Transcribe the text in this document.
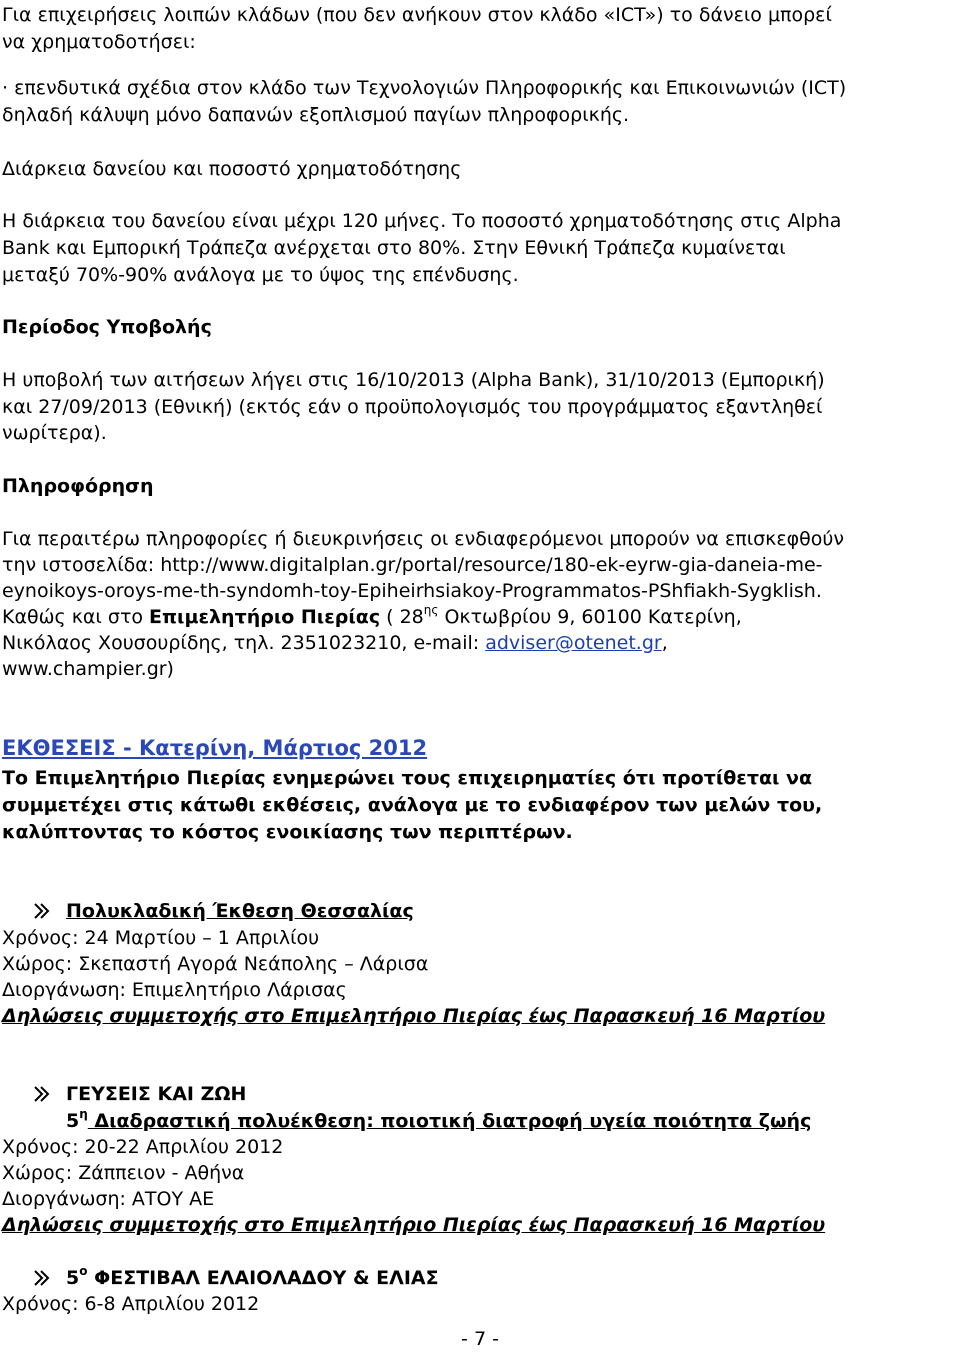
Για επιχειρήσεις λοιπών κλάδων (που δεν ανήκουν στον κλάδο «ICT») το δάνειο μπορεί
να χρηματοδοτήσει:
· επενδυτικά σχέδια στον κλάδο των Τεχνολογιών Πληροφορικής και Επικοινωνιών (ICT)
δηλαδή κάλυψη μόνο δαπανών εξοπλισμού παγίων πληροφορικής.
Διάρκεια δανείου και ποσοστό χρηματοδότησης
Η διάρκεια του δανείου είναι μέχρι 120 μήνες. Το ποσοστό χρηματοδότησης στις Alpha
Bank και Εμπορική Τράπεζα ανέρχεται στο 80%. Στην Εθνική Τράπεζα κυμαίνεται
μεταξύ 70%-90% ανάλογα με το ύψος της επένδυσης.
Περίοδος Υποβολής
Η υποβολή των αιτήσεων λήγει στις 16/10/2013 (Alpha Bank), 31/10/2013 (Εμπορική)
και 27/09/2013 (Εθνική) (εκτός εάν ο προϋπολογισμός του προγράμματος εξαντληθεί
νωρίτερα).
Πληροφόρηση
Για περαιτέρω πληροφορίες ή διευκρινήσεις οι ενδιαφερόμενοι μπορούν να επισκεφθούν
την ιστοσελίδα: http://www.digitalplan.gr/portal/resource/180-ek-eyrw-gia-daneia-me-
eynoikoys-oroys-me-th-syndomh-toy-Epiheirhsiakoy-Programmatos-PShfiakh-Sygklish.
Καθώς και στο Επιμελητήριο Πιερίας ( $28^{\eta\varsigma}$ Οκτωβρίου 9, 60100 Κατερίνη,
Νικόλαος Χουσουρίδης, τηλ. 2351023210, e-mail: adviser@otenet.gr,
www.champier.gr)
ΕΚΘΕΣΕΙΣ - Κατερίνη, Μάρτιος 2012
Το Επιμελητήριο Πιερίας ενημερώνει τους επιχειρηματίες ότι προτίθεται να
συμμετέχει στις κάτωθι εκθέσεις, ανάλογα με το ενδιαφέρον των μελών του,
καλύπτοντας το κόστος ενοικίασης των περιπτέρων.
Πολυκλαδική Έκθεση Θεσσαλίας
Χρόνος: 24 Μαρτίου – 1 Απριλίου
Χώρος: Σκεπαστή Αγορά Νεάπολης – Λάρισα
Διοργάνωση: Επιμελητήριο Λάρισας
Δηλώσεις συμμετοχής στο Επιμελητήριο Πιερίας έως Παρασκευή 16 Μαρτίου
ΓΕΥΣΕΙΣ ΚΑΙ ΖΩΗ
$5^\eta$ Διαδραστική πολυέκθεση: ποιοτική διατροφή υγεία ποιότητα ζωής
Χρόνος: 20-22 Απριλίου 2012
Χώρος: Ζάππειον - Αθήνα
Διοργάνωση: ΑΤΟΥ ΑΕ
Δηλώσεις συμμετοχής στο Επιμελητήριο Πιερίας έως Παρασκευή 16 Μαρτίου
$5^o$ ΦΕΣΤΙΒΑΛ ΕΛΑΙΟΛΑΔΟΥ & ΕΛΙΑΣ
Χρόνος: 6-8 Απριλίου 2012
- 7 -
